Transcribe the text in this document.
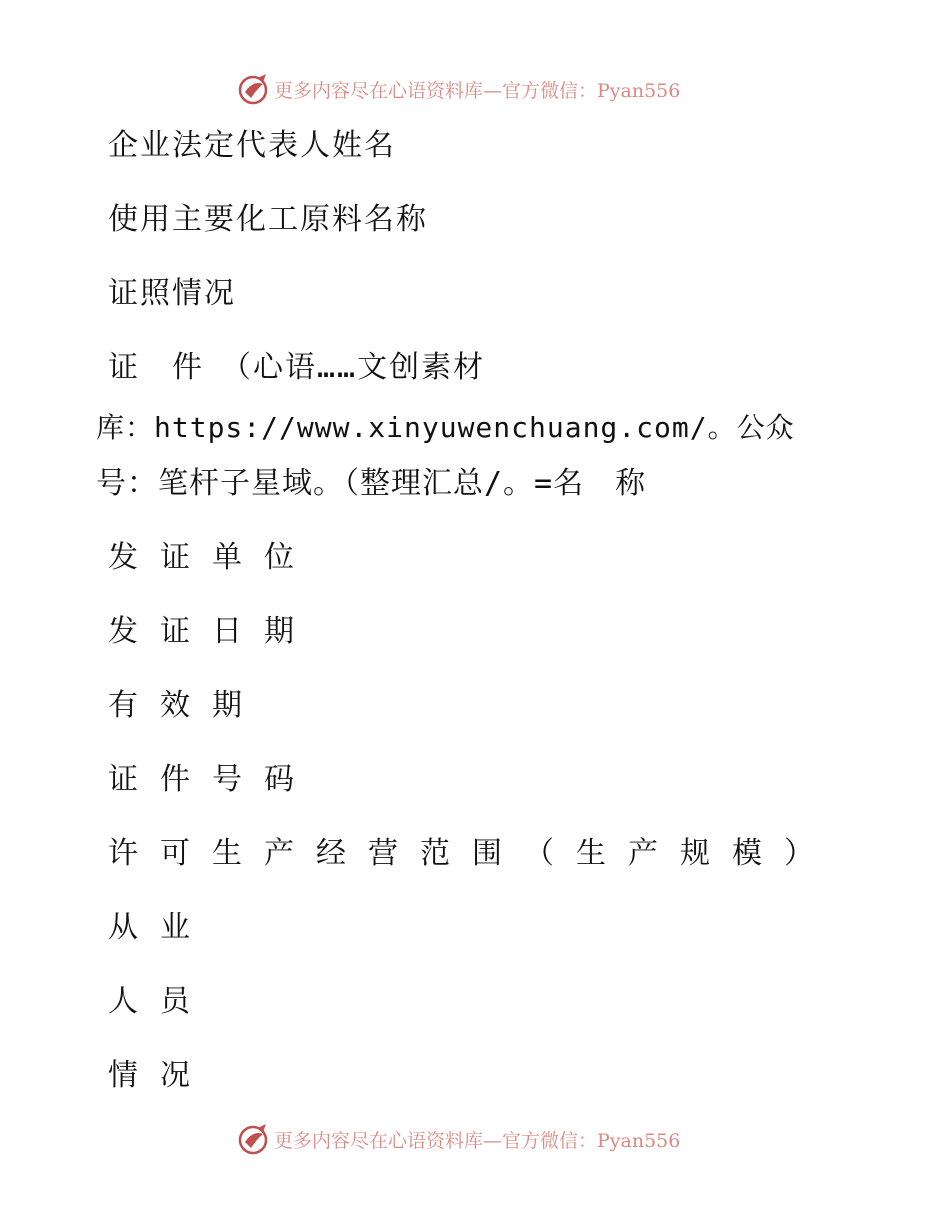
更多内容尽在心语资料库—官方微信：Pyan556
企业法定代表人姓名
使用主要化工原料名称
证照情况
证　件　（心语……文创素材
库：https://www.xinyuwenchuang.com/。公众
号：笔杆子星域。（整理汇总/。=名　称
发证单位
发证日期
有效期
证件号码
许可生产经营范围（生产规模）
从业
人员
情况
更多内容尽在心语资料库—官方微信：Pyan556
